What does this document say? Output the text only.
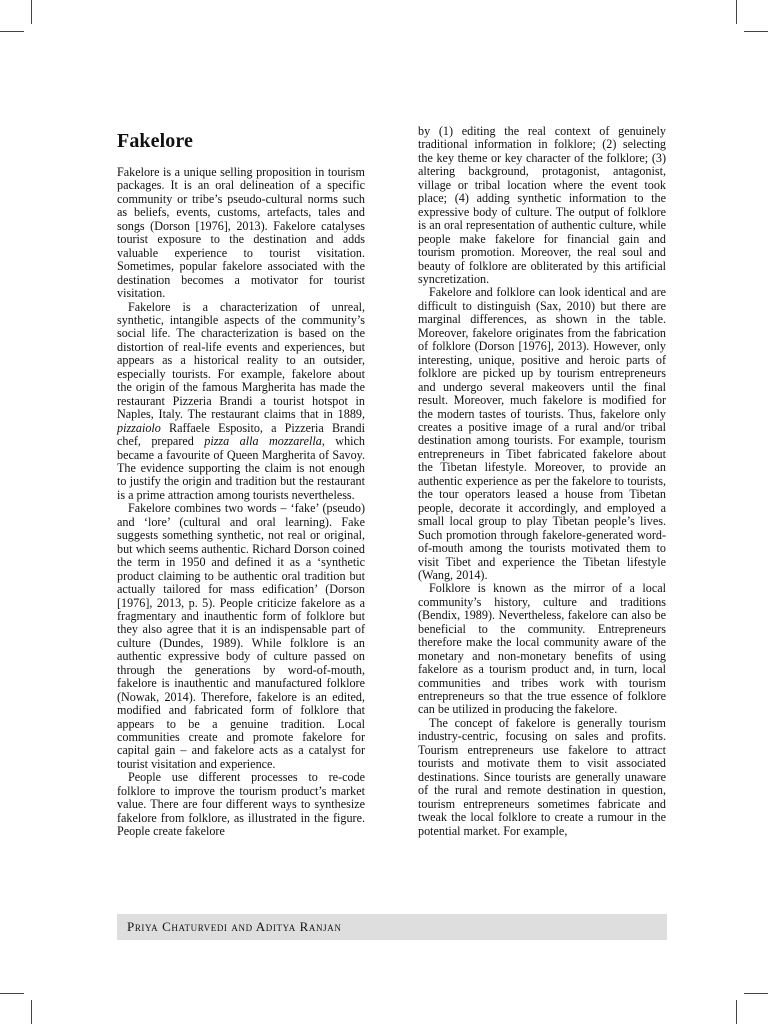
Fakelore

Fakelore is a unique selling proposition in tourism packages. It is an oral delineation of a specific community or tribe’s pseudo-cultural norms such as beliefs, events, customs, artefacts, tales and songs (Dorson [1976], 2013). Fakelore catalyses tourist exposure to the destination and adds valuable experience to tourist visitation. Sometimes, popular fakelore associated with the destination becomes a motivator for tourist visitation.

Fakelore is a characterization of unreal, synthetic, intangible aspects of the community’s social life. The characterization is based on the distortion of real-life events and experiences, but appears as a historical reality to an outsider, especially tourists. For example, fakelore about the origin of the famous Margherita has made the restaurant Pizzeria Brandi a tourist hotspot in Naples, Italy. The restaurant claims that in 1889, pizzaiolo Raffaele Esposito, a Pizzeria Brandi chef, prepared pizza alla mozzarella, which became a favourite of Queen Margherita of Savoy. The evidence supporting the claim is not enough to justify the origin and tradition but the restaurant is a prime attraction among tourists nevertheless.

Fakelore combines two words – ‘fake’ (pseudo) and ‘lore’ (cultural and oral learning). Fake suggests something synthetic, not real or original, but which seems authentic. Richard Dorson coined the term in 1950 and defined it as a ‘synthetic product claiming to be authentic oral tradition but actually tailored for mass edification’ (Dorson [1976], 2013, p. 5). People criticize fakelore as a fragmentary and inauthentic form of folklore but they also agree that it is an indispensable part of culture (Dundes, 1989). While folklore is an authentic expressive body of culture passed on through the generations by word-of-mouth, fakelore is inauthentic and manufactured folklore (Nowak, 2014). Therefore, fakelore is an edited, modified and fabricated form of folklore that appears to be a genuine tradition. Local communities create and promote fakelore for capital gain – and fakelore acts as a catalyst for tourist visitation and experience.

People use different processes to re-code folklore to improve the tourism product’s market value. There are four different ways to synthesize fakelore from folklore, as illustrated in the figure. People create fakelore

by (1) editing the real context of genuinely traditional information in folklore; (2) selecting the key theme or key character of the folklore; (3) altering background, protagonist, antagonist, village or tribal location where the event took place; (4) adding synthetic information to the expressive body of culture. The output of folklore is an oral representation of authentic culture, while people make fakelore for financial gain and tourism promotion. Moreover, the real soul and beauty of folklore are obliterated by this artificial syncretization.

Fakelore and folklore can look identical and are difficult to distinguish (Sax, 2010) but there are marginal differences, as shown in the table. Moreover, fakelore originates from the fabrication of folklore (Dorson [1976], 2013). However, only interesting, unique, positive and heroic parts of folklore are picked up by tourism entrepreneurs and undergo several makeovers until the final result. Moreover, much fakelore is modified for the modern tastes of tourists. Thus, fakelore only creates a positive image of a rural and/or tribal destination among tourists. For example, tourism entrepreneurs in Tibet fabricated fakelore about the Tibetan lifestyle. Moreover, to provide an authentic experience as per the fakelore to tourists, the tour operators leased a house from Tibetan people, decorate it accordingly, and employed a small local group to play Tibetan people’s lives. Such promotion through fakelore-generated word-of-mouth among the tourists motivated them to visit Tibet and experience the Tibetan lifestyle (Wang, 2014).

Folklore is known as the mirror of a local community’s history, culture and traditions (Bendix, 1989). Nevertheless, fakelore can also be beneficial to the community. Entrepreneurs therefore make the local community aware of the monetary and non-monetary benefits of using fakelore as a tourism product and, in turn, local communities and tribes work with tourism entrepreneurs so that the true essence of folklore can be utilized in producing the fakelore.

The concept of fakelore is generally tourism industry-centric, focusing on sales and profits. Tourism entrepreneurs use fakelore to attract tourists and motivate them to visit associated destinations. Since tourists are generally unaware of the rural and remote destination in question, tourism entrepreneurs sometimes fabricate and tweak the local folklore to create a rumour in the potential market. For example,

Priya Chaturvedi and Aditya Ranjan
